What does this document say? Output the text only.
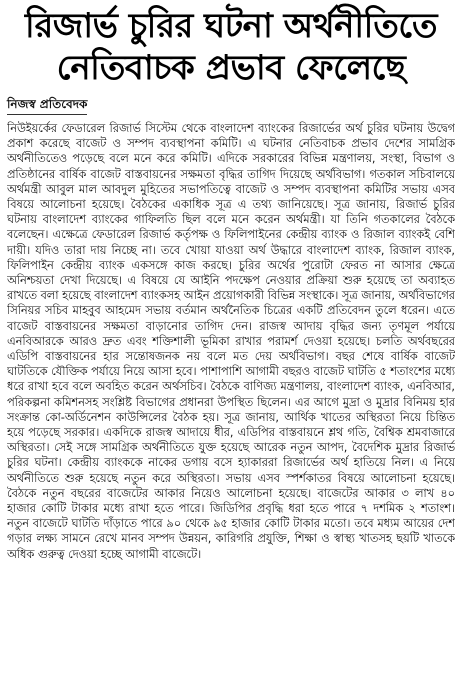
রিজার্ভ চুরির ঘটনা অর্থনীতিতে
নেতিবাচক প্রভাব ফেলেছে
নিজস্ব প্রতিবেদক

নিউইয়র্কের ফেডারেল রিজার্ভ সিস্টেম থেকে বাংলাদেশ ব্যাংকের রিজার্ভের অর্থ চুরির ঘটনায় উদ্বেগ প্রকাশ করেছে বাজেট ও সম্পদ ব্যবস্থাপনা কমিটি। এ ঘটনার নেতিবাচক প্রভাব দেশের সামগ্রিক অর্থনীতিতেও পড়েছে বলে মনে করে কমিটি। এদিকে সরকারের বিভিন্ন মন্ত্রণালয়, সংস্থা, বিভাগ ও প্রতিষ্ঠানের বার্ষিক বাজেট বাস্তবায়নের সক্ষমতা বৃদ্ধির তাগিদ দিয়েছে অর্থবিভাগ। গতকাল সচিবালয়ে অর্থমন্ত্রী আবুল মাল আবদুল মুহিতের সভাপতিত্বে বাজেট ও সম্পদ ব্যবস্থাপনা কমিটির সভায় এসব বিষয়ে আলোচনা হয়েছে। বৈঠকের একাধিক সূত্র এ তথ্য জানিয়েছে। সূত্র জানায়, রিজার্ভ চুরির ঘটনায় বাংলাদেশ ব্যাংকের গাফিলতি ছিল বলে মনে করেন অর্থমন্ত্রী। যা তিনি গতকালের বৈঠকে বলেছেন। এক্ষেত্রে ফেডারেল রিজার্ভ কর্তৃপক্ষ ও ফিলিপাইনের কেন্দ্রীয় ব্যাংক ও রিজাল ব্যাংকই বেশি দায়ী। যদিও তারা দায় নিচ্ছে না। তবে খোয়া যাওয়া অর্থ উদ্ধারে বাংলাদেশ ব্যাংক, রিজাল ব্যাংক, ফিলিপাইন কেন্দ্রীয় ব্যাংক একসঙ্গে কাজ করছে। চুরির অর্থের পুরোটা ফেরত না আসার ক্ষেত্রে অনিশ্চয়তা দেখা দিয়েছে। এ বিষয়ে যে আইনি পদক্ষেপ নেওয়ার প্রক্রিয়া শুরু হয়েছে তা অব্যাহত রাখতে বলা হয়েছে বাংলাদেশ ব্যাংকসহ আইন প্রয়োগকারী বিভিন্ন সংস্থাকে। সূত্র জানায়, অর্থবিভাগের সিনিয়র সচিব মাহবুব আহমেদ সভায় বর্তমান অর্থনৈতিক চিত্রের একটি প্রতিবেদন তুলে ধরেন। এতে বাজেট বাস্তবায়নের সক্ষমতা বাড়ানোর তাগিদ দেন। রাজস্ব আদায় বৃদ্ধির জন্য তৃণমূল পর্যায়ে এনবিআরকে আরও দ্রুত এবং শক্তিশালী ভূমিকা রাখার পরামর্শ দেওয়া হয়েছে। চলতি অর্থবছরের এডিপি বাস্তবায়নের হার সন্তোষজনক নয় বলে মত দেয় অর্থবিভাগ। বছর শেষে বার্ষিক বাজেট ঘাটতিকে যৌক্তিক পর্যায়ে নিয়ে আসা হবে। পাশাপাশি আগামী বছরও বাজেট ঘাটতি ৫ শতাংশের মধ্যে ধরে রাখা হবে বলে অবহিত করেন অর্থসচিব। বৈঠকে বাণিজ্য মন্ত্রণালয়, বাংলাদেশ ব্যাংক, এনবিআর, পরিকল্পনা কমিশনসহ সংশ্লিষ্ট বিভাগের প্রধানরা উপস্থিত ছিলেন। এর আগে মুদ্রা ও মুদ্রার বিনিময় হার সংক্রান্ত কো-অর্ডিনেশন কাউন্সিলের বৈঠক হয়। সূত্র জানায়, আর্থিক খাতের অস্থিরতা নিয়ে চিন্তিত হয়ে পড়েছে সরকার। একদিকে রাজস্ব আদায়ে ধীর, এডিপির বাস্তবায়নে শ্লথ গতি, বৈশ্বিক শ্রমবাজারে অস্থিরতা। সেই সঙ্গে সামগ্রিক অর্থনীতিতে যুক্ত হয়েছে আরেক নতুন আপদ, বৈদেশিক মুদ্রার রিজার্ভ চুরির ঘটনা। কেন্দ্রীয় ব্যাংককে নাকের ডগায় বসে হ্যাকাররা রিজার্ভের অর্থ হাতিয়ে নিল। এ নিয়ে অর্থনীতিতে শুরু হয়েছে নতুন করে অস্থিরতা। সভায় এসব স্পর্শকাতর বিষয়ে আলোচনা হয়েছে। বৈঠকে নতুন বছরের বাজেটের আকার নিয়েও আলোচনা হয়েছে। বাজেটের আকার ৩ লাখ ৪০ হাজার কোটি টাকার মধ্যে রাখা হতে পারে। জিডিপির প্রবৃদ্ধি ধরা হতে পারে ৭ দশমিক ২ শতাংশ। নতুন বাজেটে ঘাটতি দাঁড়াতে পারে ৯০ থেকে ৯৫ হাজার কোটি টাকার মতো। তবে মধ্যম আয়ের দেশ গড়ার লক্ষ্য সামনে রেখে মানব সম্পদ উন্নয়ন, কারিগরি প্রযুক্তি, শিক্ষা ও স্বাস্থ্য খাতসহ ছয়টি খাতকে অধিক গুরুত্ব দেওয়া হচ্ছে আগামী বাজেটে।
